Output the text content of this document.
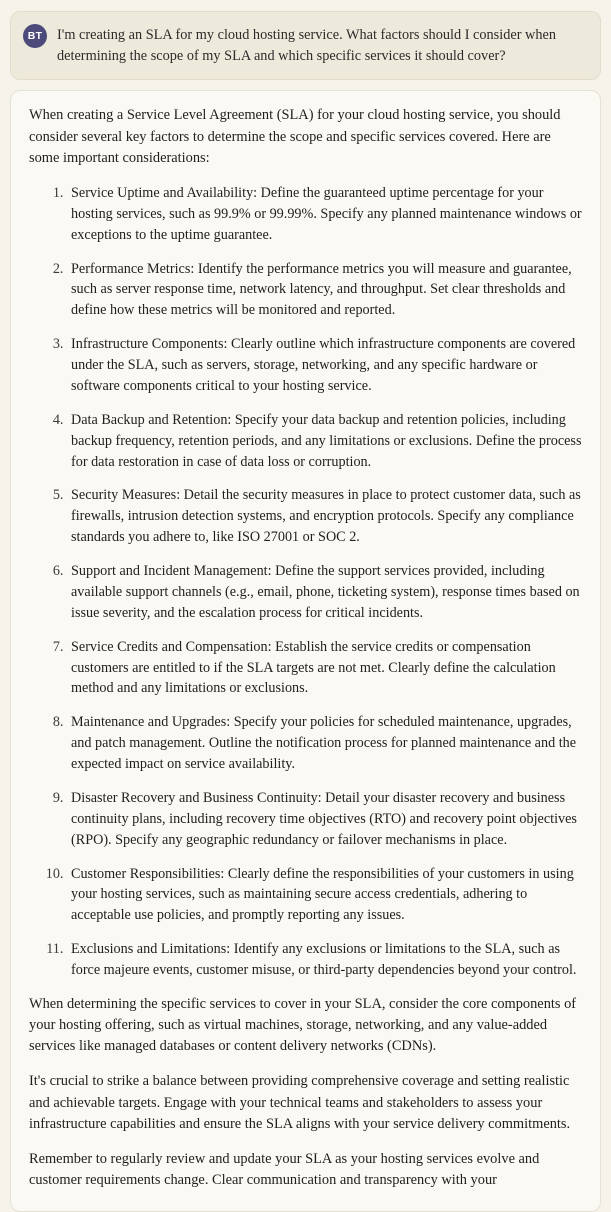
BT	I'm creating an SLA for my cloud hosting service. What factors should I consider when determining the scope of my SLA and which specific services it should cover?

When creating a Service Level Agreement (SLA) for your cloud hosting service, you should consider several key factors to determine the scope and specific services covered. Here are some important considerations:

1. Service Uptime and Availability: Define the guaranteed uptime percentage for your hosting services, such as 99.9% or 99.99%. Specify any planned maintenance windows or exceptions to the uptime guarantee.
2. Performance Metrics: Identify the performance metrics you will measure and guarantee, such as server response time, network latency, and throughput. Set clear thresholds and define how these metrics will be monitored and reported.
3. Infrastructure Components: Clearly outline which infrastructure components are covered under the SLA, such as servers, storage, networking, and any specific hardware or software components critical to your hosting service.
4. Data Backup and Retention: Specify your data backup and retention policies, including backup frequency, retention periods, and any limitations or exclusions. Define the process for data restoration in case of data loss or corruption.
5. Security Measures: Detail the security measures in place to protect customer data, such as firewalls, intrusion detection systems, and encryption protocols. Specify any compliance standards you adhere to, like ISO 27001 or SOC 2.
6. Support and Incident Management: Define the support services provided, including available support channels (e.g., email, phone, ticketing system), response times based on issue severity, and the escalation process for critical incidents.
7. Service Credits and Compensation: Establish the service credits or compensation customers are entitled to if the SLA targets are not met. Clearly define the calculation method and any limitations or exclusions.
8. Maintenance and Upgrades: Specify your policies for scheduled maintenance, upgrades, and patch management. Outline the notification process for planned maintenance and the expected impact on service availability.
9. Disaster Recovery and Business Continuity: Detail your disaster recovery and business continuity plans, including recovery time objectives (RTO) and recovery point objectives (RPO). Specify any geographic redundancy or failover mechanisms in place.
10. Customer Responsibilities: Clearly define the responsibilities of your customers in using your hosting services, such as maintaining secure access credentials, adhering to acceptable use policies, and promptly reporting any issues.
11. Exclusions and Limitations: Identify any exclusions or limitations to the SLA, such as force majeure events, customer misuse, or third-party dependencies beyond your control.

When determining the specific services to cover in your SLA, consider the core components of your hosting offering, such as virtual machines, storage, networking, and any value-added services like managed databases or content delivery networks (CDNs).

It's crucial to strike a balance between providing comprehensive coverage and setting realistic and achievable targets. Engage with your technical teams and stakeholders to assess your infrastructure capabilities and ensure the SLA aligns with your service delivery commitments.

Remember to regularly review and update your SLA as your hosting services evolve and customer requirements change. Clear communication and transparency with your
